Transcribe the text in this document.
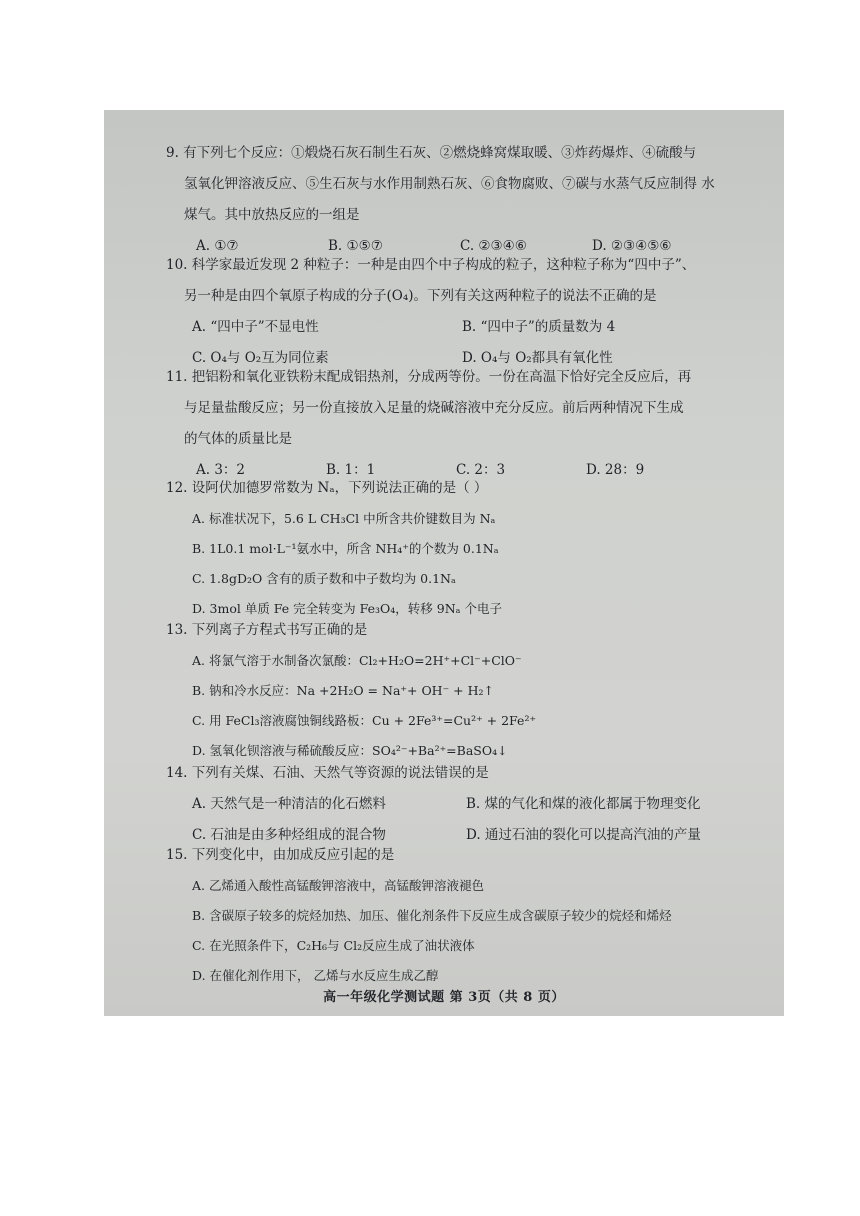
9. 有下列七个反应：①煅烧石灰石制生石灰、②燃烧蜂窝煤取暖、③炸药爆炸、④硫酸与
氢氧化钾溶液反应、⑤生石灰与水作用制熟石灰、⑥食物腐败、⑦碳与水蒸气反应制得 水
煤气。其中放热反应的一组是
A. ①⑦	B. ①⑤⑦	C. ②③④⑥	D. ②③④⑤⑥
10. 科学家最近发现 2 种粒子：一种是由四个中子构成的粒子，这种粒子称为“四中子”、
另一种是由四个氧原子构成的分子(O₄)。下列有关这两种粒子的说法不正确的是
A. “四中子”不显电性	B. “四中子”的质量数为 4
C. O₄与 O₂互为同位素	D. O₄与 O₂都具有氧化性
11. 把铝粉和氧化亚铁粉末配成铝热剂，分成两等份。一份在高温下恰好完全反应后，再
与足量盐酸反应；另一份直接放入足量的烧碱溶液中充分反应。前后两种情况下生成
的气体的质量比是
A. 3：2	B. 1：1	C. 2：3	D. 28：9
12. 设阿伏加德罗常数为 Nₐ，下列说法正确的是（ ）
A. 标准状况下，5.6 L CH₃Cl 中所含共价键数目为 Nₐ
B. 1L0.1 mol·L⁻¹氨水中，所含 NH₄⁺的个数为 0.1Nₐ
C. 1.8gD₂O 含有的质子数和中子数均为 0.1Nₐ
D. 3mol 单质 Fe 完全转变为 Fe₃O₄，转移 9Nₐ 个电子
13. 下列离子方程式书写正确的是
A. 将氯气溶于水制备次氯酸：Cl₂+H₂O=2H⁺+Cl⁻+ClO⁻
B. 钠和冷水反应：Na +2H₂O = Na⁺+ OH⁻ + H₂↑
C. 用 FeCl₃溶液腐蚀铜线路板：Cu + 2Fe³⁺=Cu²⁺ + 2Fe²⁺
D. 氢氧化钡溶液与稀硫酸反应：SO₄²⁻+Ba²⁺=BaSO₄↓
14. 下列有关煤、石油、天然气等资源的说法错误的是
A. 天然气是一种清洁的化石燃料	B. 煤的气化和煤的液化都属于物理变化
C. 石油是由多种烃组成的混合物	D. 通过石油的裂化可以提高汽油的产量
15. 下列变化中，由加成反应引起的是
A. 乙烯通入酸性高锰酸钾溶液中，高锰酸钾溶液褪色
B. 含碳原子较多的烷烃加热、加压、催化剂条件下反应生成含碳原子较少的烷烃和烯烃
C. 在光照条件下，C₂H₆与 Cl₂反应生成了油状液体
D. 在催化剂作用下， 乙烯与水反应生成乙醇
高一年级化学测试题 第 3页（共 8 页）
